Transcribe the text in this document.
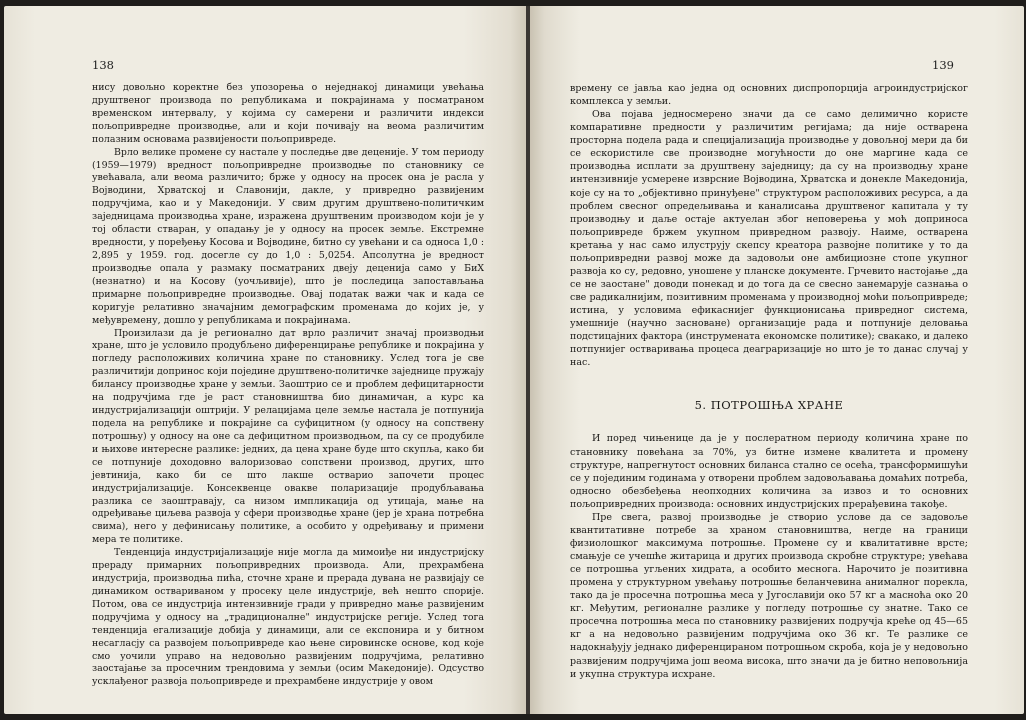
138

нису довољно коректне без упозорења о неједнакој динамици увећања друштвеног производа по републикама и покрајинама у посматраном временском интервалу, у којима су самерени и различити индекси пољопривредне производње, али и који почивају на веома различитим полазним основама развијености пољопривреде.

Врло велике промене су настале у последње две деценије. У том периоду (1959—1979) вредност пољопривредне производње по становнику се увећавала, али веома различито; брже у односу на просек она је расла у Војводини, Хрватској и Славонији, дакле, у привредно развијеним подручјима, као и у Македонији. У свим другим друштвено-политичким заједницама производња хране, изражена друштвеним производом који је у тој области стваран, у опадању је у односу на просек земље. Екстремне вредности, у поређењу Косова и Војводине, битно су увећани и са односа 1,0 : 2,895 у 1959. год. досегле су до 1,0 : 5,0254. Апсолутна је вредност производње опала у размаку посматраних двеју деценија само у БиХ (незнатно) и на Косову (уочљивије), што је последица запостављања примарне пољопривредне производње. Овај податак важи чак и када се коригује релативно значајним демографским променама до којих је, у међувремену, дошло у републикама и покрајинама.

Произилази да је регионално дат врло различит значај производњи хране, што је условило продубљено диференцирање републике и покрајина у погледу расположивих количина хране по становнику. Услед тога је све различитији допринос који поједине друштвено-политичке заједнице пружају билансу производње хране у земљи. Заоштрио се и проблем дефицитарности на подручјима где је раст становништва био динамичан, а курс ка индустријализацији оштрији. У релацијама целе земље настала је потпунија подела на републике и покрајине са суфицитном (у односу на сопствену потрошњу) у односу на оне са дефицитном производњом, па су се продубиле и њихове интересне разлике: једних, да цена хране буде што скупља, како би се потпуније доходовно валоризовао сопствени производ, других, што јевтинија, како би се што лакше остварио започети процес индустријализације. Консеквенце овакве поларизације продубљавања разлика се заоштравају, са низом импликација од утицаја, мање на одређивање циљева развоја у сфери производње хране (јер је храна потребна свима), него у дефинисању политике, а особито у одређивању и примени мера те политике.

Тенденција индустријализације није могла да мимоиђе ни индустријску прераду примарних пољопривредних производа. Али, прехрамбена индустрија, производња пића, сточне хране и прерада дувана не развијају се динамиком оствариваном у просеку целе индустрије, већ нешто спорије. Потом, ова се индустрија интензивније гради у привредно мање развијеним подручјима у односу на „традиционалне" индустријске регије. Услед тога тенденција егализације добија у динамици, али се експонира и у битном несагласју са развојем пољопривреде као њене сировинске основе, код које смо уочили управо на недовољно развијеним подручјима, релативно заостајање за просечним трендовима у земљи (осим Македоније). Одсуство усклађеног развоја пољопривреде и прехрамбене индустрије у овом

139

времену се јавља као једна од основних диспропорција агроиндустријског комплекса у земљи.

Ова појава једносмерено значи да се само делимично користе компаративне предности у различитим регијама; да није остварена просторна подела рада и специјализација производње у довољној мери да би се ескористиле све производне могућности до оне маргине када се производња исплати за друштвену заједницу; да су на производњу хране интензивније усмерене изврсние Војводина, Хрватска и донекле Македонија, које су на то „објективно принуђене" структуром расположивих ресурса, а да проблем свесног опредељивања и каналисања друштвеног капитала у ту производњу и даље остаје актуелан због неповерења у моћ доприноса пољопривреде бржем укупном привредном развоју. Наиме, остварена кретања у нас само илуструју скепсу креатора развојне политике у то да пољопривредни развој може да задовољи оне амбициозне стопе укупног развоја ко су, редовно, уношене у планске документе. Грчевито настојање „да се не заостане" доводи понекад и до тога да се свесно занемарује сазнања о све радикалнијим, позитивним променама у производној моћи пољопривреде; истина, у условима ефикаснијег функционисања привредног система, умешније (научно засноване) организације рада и потпуније деловања подстицајних фактора (инструмената економске политике); свакако, и далеко потпунијег остваривања процеса деаграризације но што је то данас случај у нас.

5. ПОТРОШЊА ХРАНЕ

И поред чињенице да је у послератном периоду количина хране по становнику повећана за 70%, уз битне измене квалитета и промену структуре, напрегнутост основних биланса стално се осећа, трансформишући се у појединим годинама у отворени проблем задовољавања домаћих потреба, односно обезбеђења неопходних количина за извоз и то основних пољопривредних производа: основних индустријских прерађевина такође.

Пре свега, развој производње је створио услове да се задовоље квантитативне потребе за храном становништва, негде на граници физиолошког максимума потрошње. Промене су и квалитативне врсте; смањује се учешће житарица и других производа скробне структуре; увећава се потрошња угљених хидрата, а особито меснога. Нарочито је позитивна промена у структурном увећању потрошње беланчевина анималног порекла, тако да је просечна потрошња меса у Југославији око 57 кг а масноћа око 20 кг. Међутим, регионалне разлике у погледу потрошње су знатне. Тако се просечна потрошња меса по становнику развијених подручја креће од 45—65 кг а на недовољно развијеним подручјима око 36 кг. Те разлике се надокнађују једнако диференцираном потрошњом скроба, која је у недовољно развијеним подручјима још веома висока, што значи да је битно неповољнија и укупна структура исхране.
